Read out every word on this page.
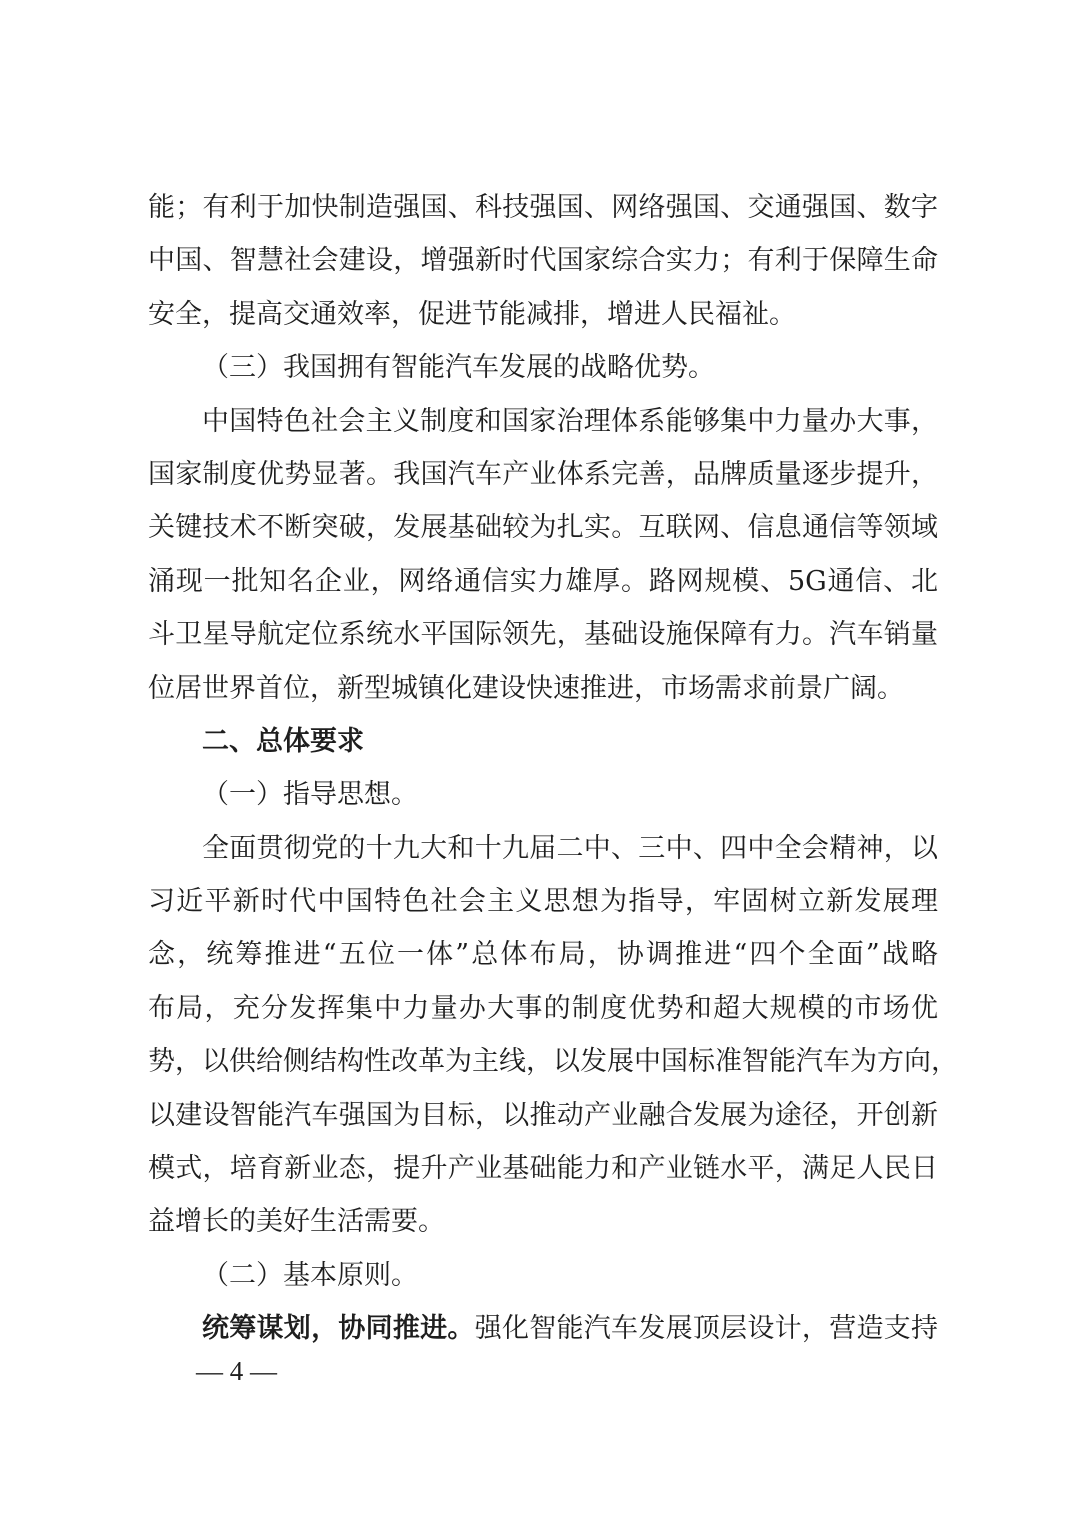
能；有利于加快制造强国、科技强国、网络强国、交通强国、数字
中国、智慧社会建设，增强新时代国家综合实力；有利于保障生命
安全，提高交通效率，促进节能减排，增进人民福祉。
（三）我国拥有智能汽车发展的战略优势。
中国特色社会主义制度和国家治理体系能够集中力量办大事，
国家制度优势显著。我国汽车产业体系完善，品牌质量逐步提升，
关键技术不断突破，发展基础较为扎实。互联网、信息通信等领域
涌现一批知名企业，网络通信实力雄厚。路网规模、5G通信、北
斗卫星导航定位系统水平国际领先，基础设施保障有力。汽车销量
位居世界首位，新型城镇化建设快速推进，市场需求前景广阔。
二、总体要求
（一）指导思想。
全面贯彻党的十九大和十九届二中、三中、四中全会精神，以
习近平新时代中国特色社会主义思想为指导，牢固树立新发展理
念，统筹推进“五位一体”总体布局，协调推进“四个全面”战略
布局，充分发挥集中力量办大事的制度优势和超大规模的市场优
势，以供给侧结构性改革为主线，以发展中国标准智能汽车为方向，
以建设智能汽车强国为目标，以推动产业融合发展为途径，开创新
模式，培育新业态，提升产业基础能力和产业链水平，满足人民日
益增长的美好生活需要。
（二）基本原则。
统筹谋划，协同推进。强化智能汽车发展顶层设计，营造支持
— 4 —
